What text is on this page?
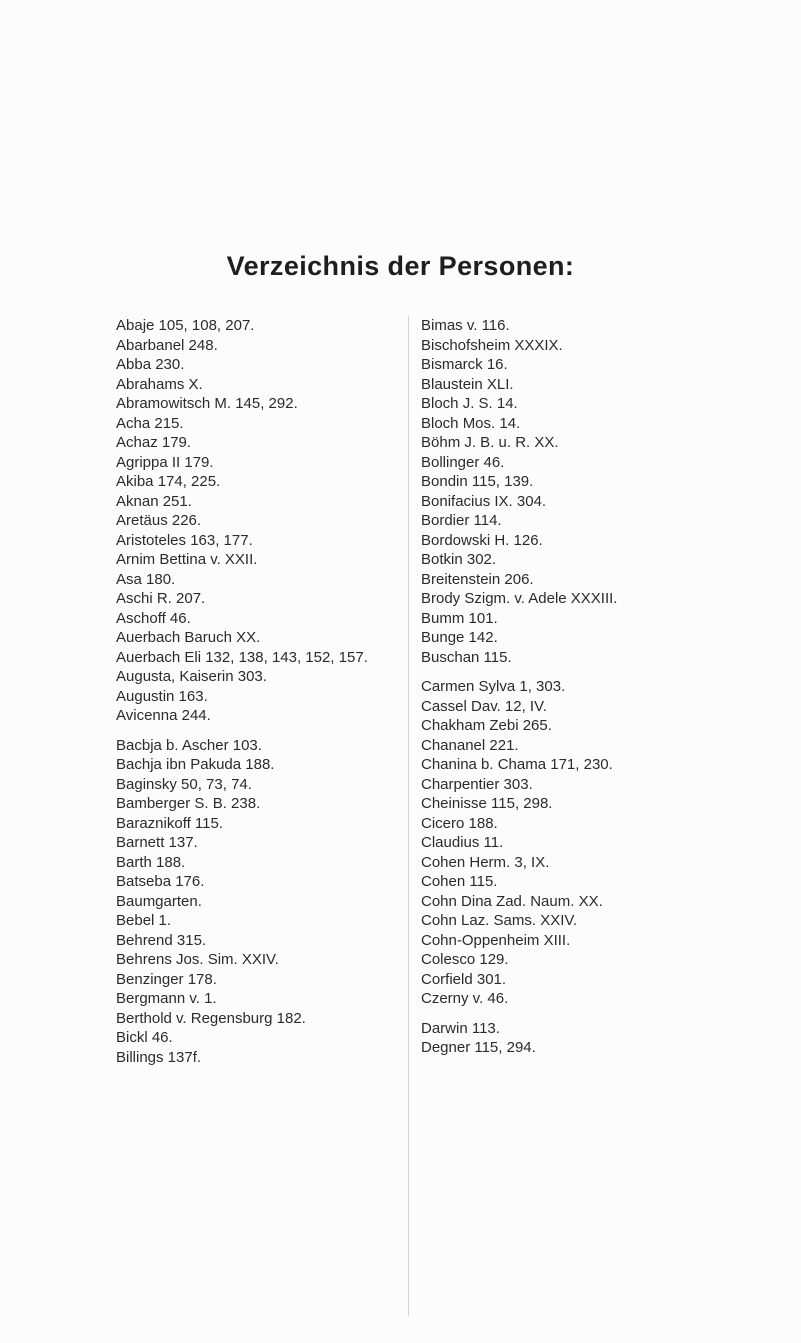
Verzeichnis der Personen:
Abaje 105, 108, 207.
Abarbanel 248.
Abba 230.
Abrahams X.
Abramowitsch M. 145, 292.
Acha 215.
Achaz 179.
Agrippa II 179.
Akiba 174, 225.
Aknan 251.
Aretäus 226.
Aristoteles 163, 177.
Arnim Bettina v. XXII.
Asa 180.
Aschi R. 207.
Aschoff 46.
Auerbach Baruch XX.
Auerbach Eli 132, 138, 143, 152, 157.
Augusta, Kaiserin 303.
Augustin 163.
Avicenna 244.
Bacbja b. Ascher 103.
Bachja ibn Pakuda 188.
Baginsky 50, 73, 74.
Bamberger S. B. 238.
Baraznikoff 115.
Barnett 137.
Barth 188.
Batseba 176.
Baumgarten.
Bebel 1.
Behrend 315.
Behrens Jos. Sim. XXIV.
Benzinger 178.
Bergmann v. 1.
Berthold v. Regensburg 182.
Bickl 46.
Billings 137f.
Bimas v. 116.
Bischofsheim XXXIX.
Bismarck 16.
Blaustein XLI.
Bloch J. S. 14.
Bloch Mos. 14.
Böhm J. B. u. R. XX.
Bollinger 46.
Bondin 115, 139.
Bonifacius IX. 304.
Bordier 114.
Bordowski H. 126.
Botkin 302.
Breitenstein 206.
Brody Szigm. v. Adele XXXIII.
Bumm 101.
Bunge 142.
Buschan 115.
Carmen Sylva 1, 303.
Cassel Dav. 12, IV.
Chakham Zebi 265.
Chananel 221.
Chanina b. Chama 171, 230.
Charpentier 303.
Cheinisse 115, 298.
Cicero 188.
Claudius 11.
Cohen Herm. 3, IX.
Cohen 115.
Cohn Dina Zad. Naum. XX.
Cohn Laz. Sams. XXIV.
Cohn-Oppenheim XIII.
Colesco 129.
Corfield 301.
Czerny v. 46.
Darwin 113.
Degner 115, 294.
